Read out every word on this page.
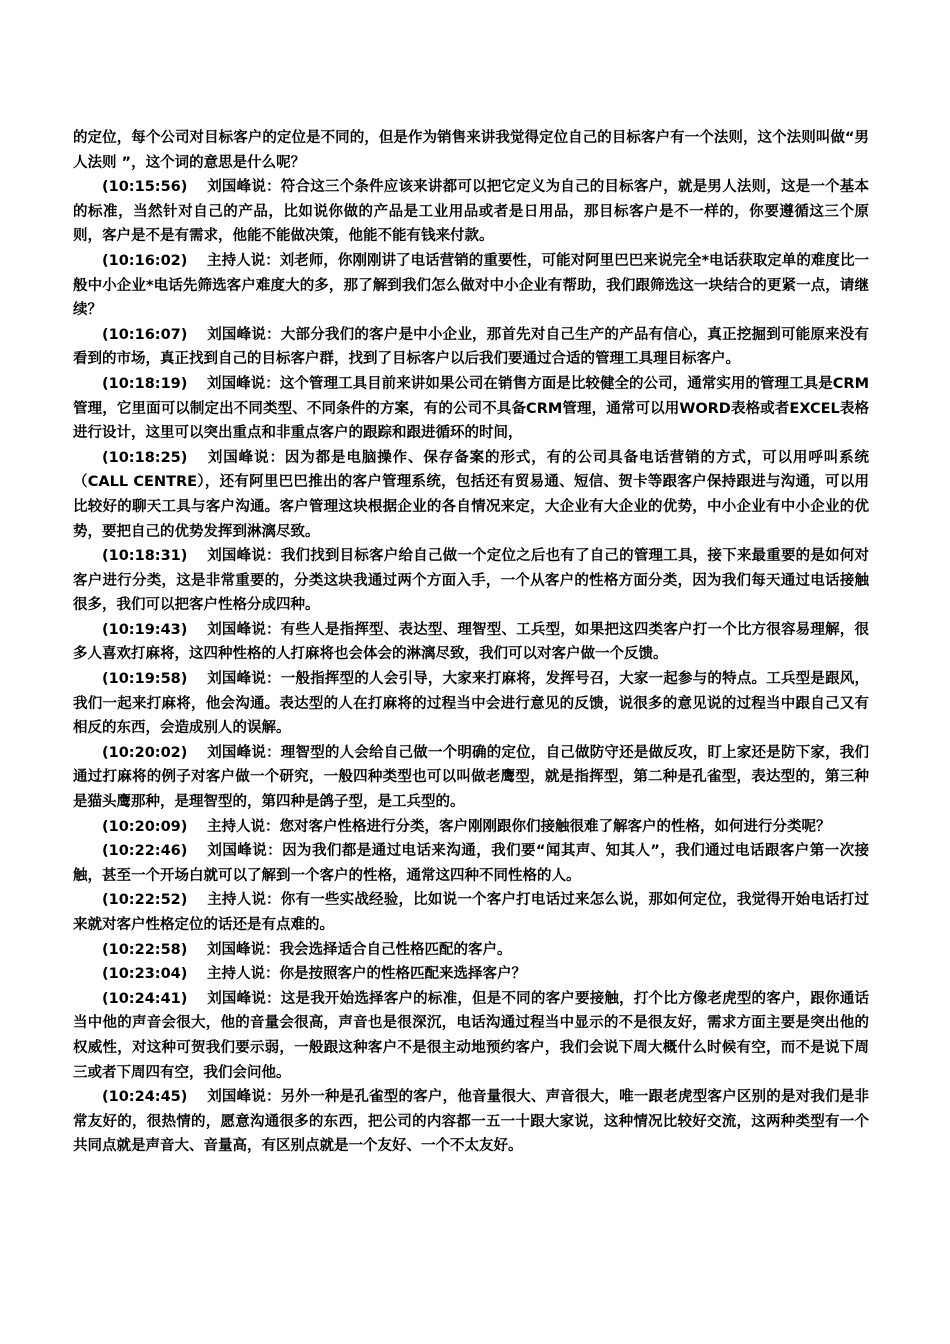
的定位，每个公司对目标客户的定位是不同的，但是作为销售来讲我觉得定位自己的目标客户有一个法则，这个法则叫做“男人法则 ”，这个词的意思是什么呢？

(10:15:56) 刘国峰说：符合这三个条件应该来讲都可以把它定义为自己的目标客户，就是男人法则，这是一个基本的标准，当然针对自己的产品，比如说你做的产品是工业用品或者是日用品，那目标客户是不一样的，你要遵循这三个原则，客户是不是有需求，他能不能做决策，他能不能有钱来付款。

(10:16:02) 主持人说：刘老师，你刚刚讲了电话营销的重要性，可能对阿里巴巴来说完全*电话获取定单的难度比一般中小企业*电话先筛选客户难度大的多，那了解到我们怎么做对中小企业有帮助，我们跟筛选这一块结合的更紧一点，请继续？

(10:16:07) 刘国峰说：大部分我们的客户是中小企业，那首先对自己生产的产品有信心，真正挖掘到可能原来没有看到的市场，真正找到自己的目标客户群，找到了目标客户以后我们要通过合适的管理工具理目标客户。

(10:18:19) 刘国峰说：这个管理工具目前来讲如果公司在销售方面是比较健全的公司，通常实用的管理工具是CRM管理，它里面可以制定出不同类型、不同条件的方案，有的公司不具备CRM管理，通常可以用WORD表格或者EXCEL表格进行设计，这里可以突出重点和非重点客户的跟踪和跟进循环的时间，

(10:18:25) 刘国峰说：因为都是电脑操作、保存备案的形式，有的公司具备电话营销的方式，可以用呼叫系统（CALL CENTRE），还有阿里巴巴推出的客户管理系统，包括还有贸易通、短信、贺卡等跟客户保持跟进与沟通，可以用比较好的聊天工具与客户沟通。客户管理这块根据企业的各自情况来定，大企业有大企业的优势，中小企业有中小企业的优势，要把自己的优势发挥到淋漓尽致。

(10:18:31) 刘国峰说：我们找到目标客户给自己做一个定位之后也有了自己的管理工具，接下来最重要的是如何对客户进行分类，这是非常重要的，分类这块我通过两个方面入手，一个从客户的性格方面分类，因为我们每天通过电话接触很多，我们可以把客户性格分成四种。

(10:19:43) 刘国峰说：有些人是指挥型、表达型、理智型、工兵型，如果把这四类客户打一个比方很容易理解，很多人喜欢打麻将，这四种性格的人打麻将也会体会的淋漓尽致，我们可以对客户做一个反馈。

(10:19:58) 刘国峰说：一般指挥型的人会引导，大家来打麻将，发挥号召，大家一起参与的特点。工兵型是跟风，我们一起来打麻将，他会沟通。表达型的人在打麻将的过程当中会进行意见的反馈，说很多的意见说的过程当中跟自己又有相反的东西，会造成别人的误解。

(10:20:02) 刘国峰说：理智型的人会给自己做一个明确的定位，自己做防守还是做反攻，盯上家还是防下家，我们通过打麻将的例子对客户做一个研究，一般四种类型也可以叫做老鹰型，就是指挥型，第二种是孔雀型，表达型的，第三种是猫头鹰那种，是理智型的，第四种是鸽子型，是工兵型的。

(10:20:09) 主持人说：您对客户性格进行分类，客户刚刚跟你们接触很难了解客户的性格，如何进行分类呢？

(10:22:46) 刘国峰说：因为我们都是通过电话来沟通，我们要“闻其声、知其人”，我们通过电话跟客户第一次接触，甚至一个开场白就可以了解到一个客户的性格，通常这四种不同性格的人。

(10:22:52) 主持人说：你有一些实战经验，比如说一个客户打电话过来怎么说，那如何定位，我觉得开始电话打过来就对客户性格定位的话还是有点难的。

(10:22:58) 刘国峰说：我会选择适合自己性格匹配的客户。

(10:23:04) 主持人说：你是按照客户的性格匹配来选择客户？

(10:24:41) 刘国峰说：这是我开始选择客户的标准，但是不同的客户要接触，打个比方像老虎型的客户，跟你通话当中他的声音会很大，他的音量会很高，声音也是很深沉，电话沟通过程当中显示的不是很友好，需求方面主要是突出他的权威性，对这种可贺我们要示弱，一般跟这种客户不是很主动地预约客户，我们会说下周大概什么时候有空，而不是说下周三或者下周四有空，我们会问他。

(10:24:45) 刘国峰说：另外一种是孔雀型的客户，他音量很大、声音很大，唯一跟老虎型客户区别的是对我们是非常友好的，很热情的，愿意沟通很多的东西，把公司的内容都一五一十跟大家说，这种情况比较好交流，这两种类型有一个共同点就是声音大、音量高，有区别点就是一个友好、一个不太友好。
